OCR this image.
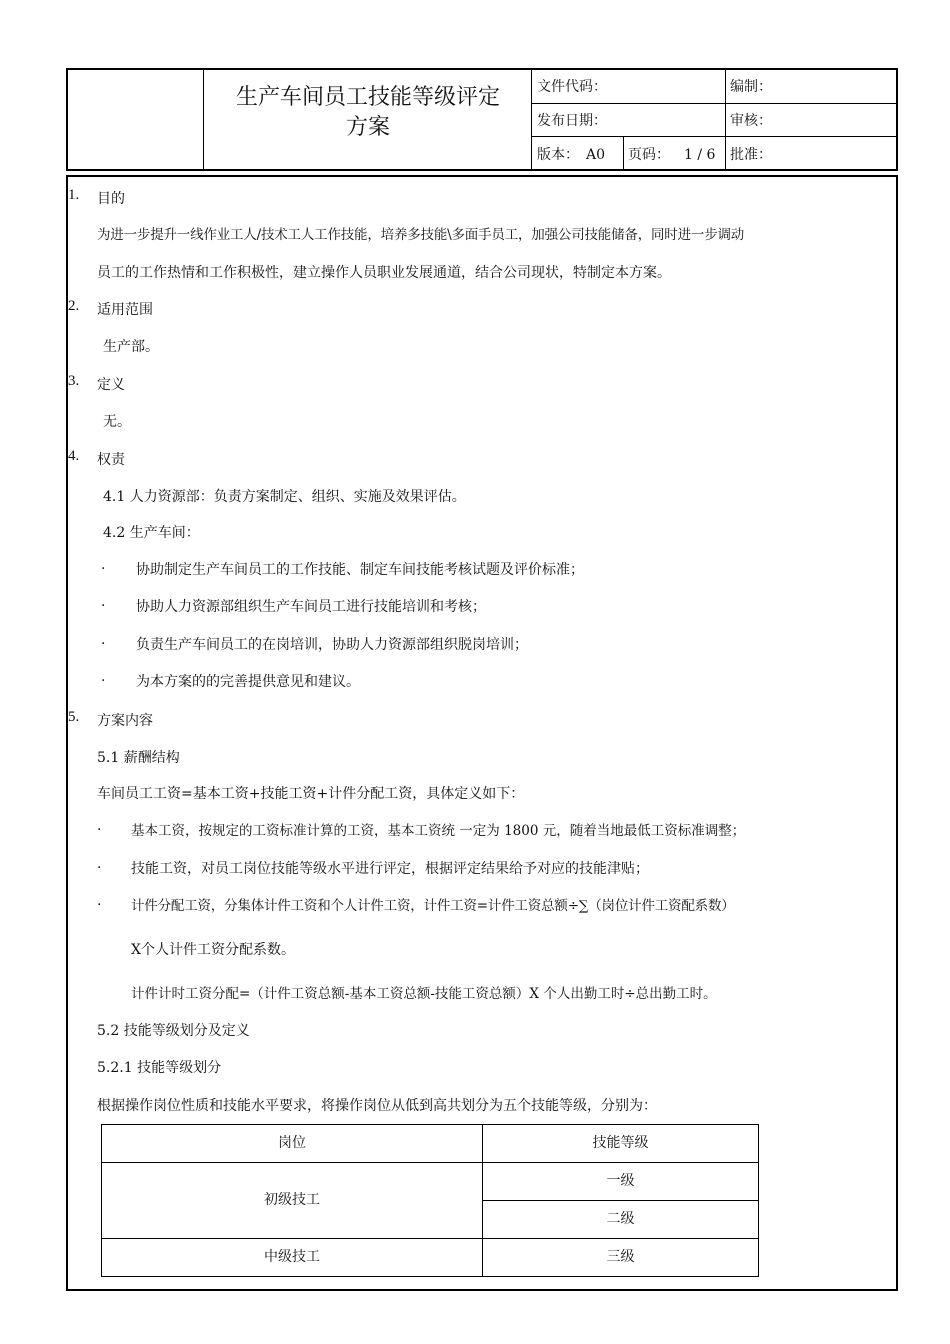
生产车间员工技能等级评定
方案
文件代码：
发布日期：
版本： A0 页码： 1 / 6
编制：
审核：
批准：
1. 目的
为进一步提升一线作业工人/技术工人工作技能，培养多技能\多面手员工，加强公司技能储备，同时进一步调动
员工的工作热情和工作积极性，建立操作人员职业发展通道，结合公司现状，特制定本方案。
2. 适用范围
生产部。
3. 定义
无。
4. 权责
4.1 人力资源部：负责方案制定、组织、实施及效果评估。
4.2 生产车间：
· 协助制定生产车间员工的工作技能、制定车间技能考核试题及评价标准；
· 协助人力资源部组织生产车间员工进行技能培训和考核；
· 负责生产车间员工的在岗培训，协助人力资源部组织脱岗培训；
· 为本方案的的完善提供意见和建议。
5. 方案内容
5.1 薪酬结构
车间员工工资=基本工资+技能工资+计件分配工资，具体定义如下：
· 基本工资，按规定的工资标准计算的工资，基本工资统 一定为 1800 元，随着当地最低工资标准调整；
· 技能工资，对员工岗位技能等级水平进行评定，根据评定结果给予对应的技能津贴；
· 计件分配工资，分集体计件工资和个人计件工资，计件工资=计件工资总额÷∑（岗位计件工资配系数）
X个人计件工资分配系数。
计件计时工资分配=（计件工资总额-基本工资总额-技能工资总额）X 个人出勤工时÷总出勤工时。
5.2 技能等级划分及定义
5.2.1 技能等级划分
根据操作岗位性质和技能水平要求，将操作岗位从低到高共划分为五个技能等级，分别为：
岗位	技能等级
初级技工
一级
二级
中级技工	三级
